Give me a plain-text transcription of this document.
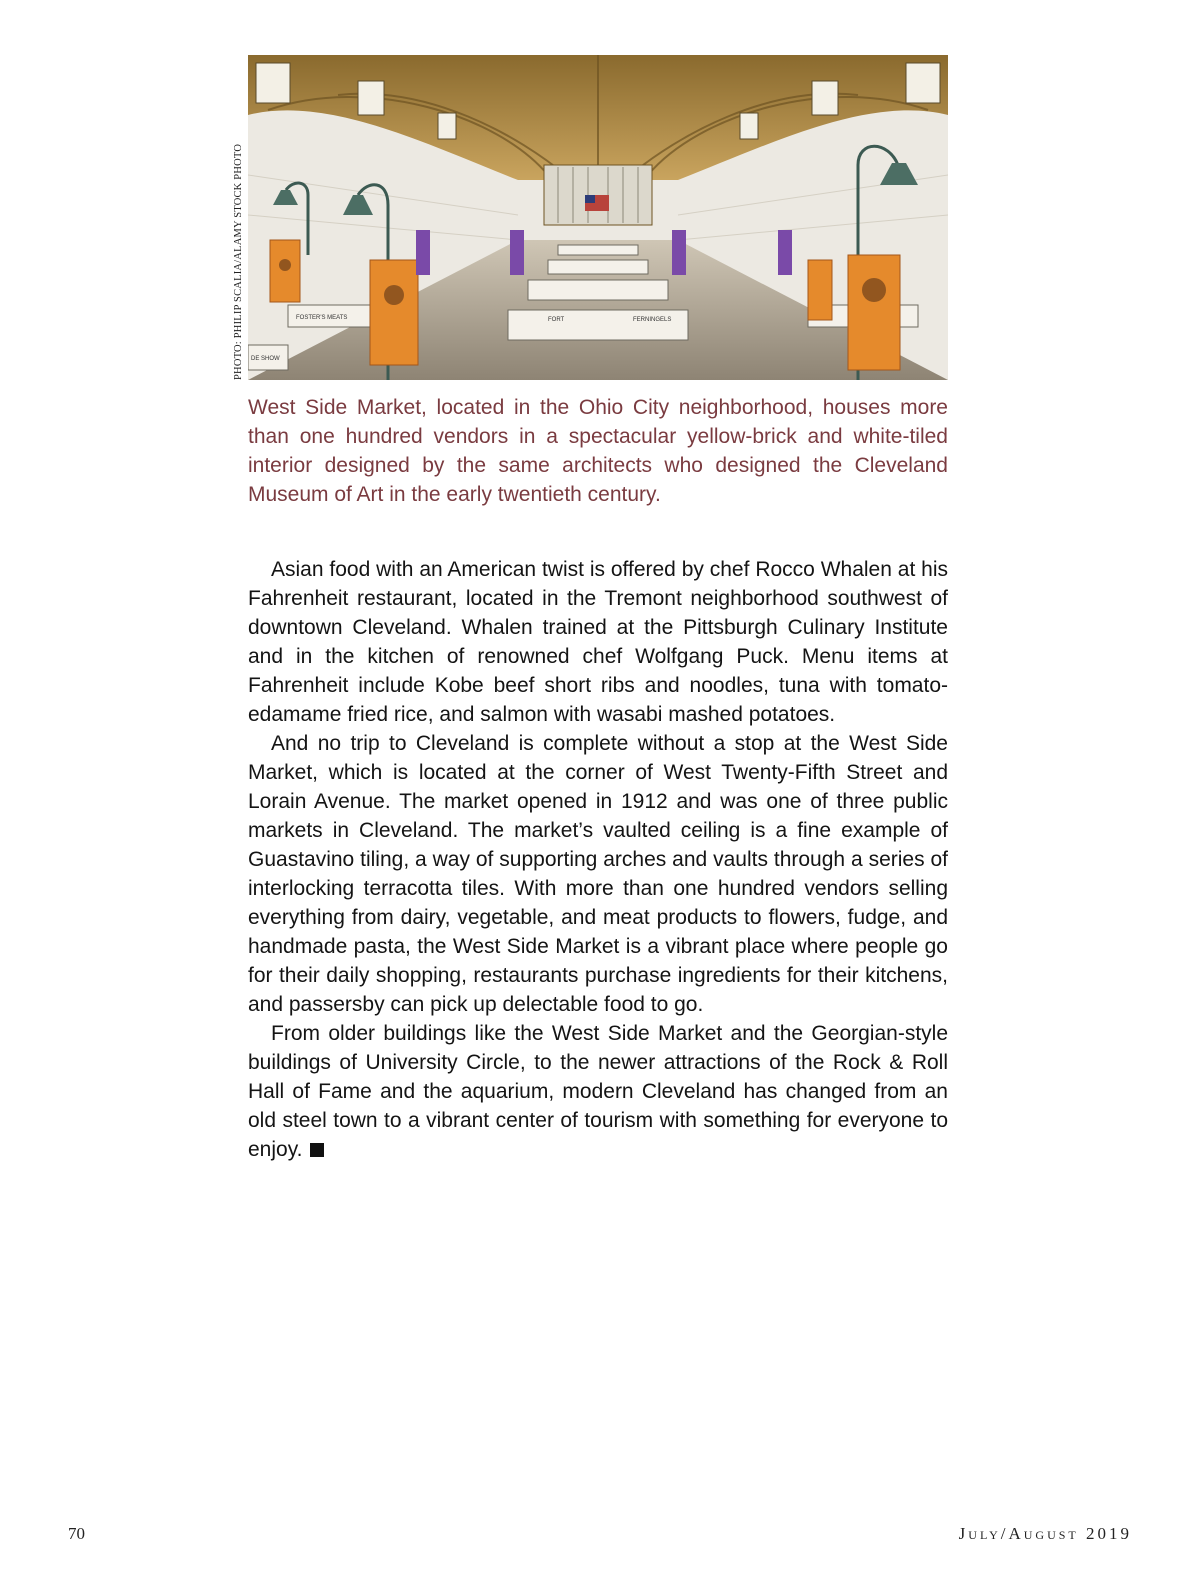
PHOTO: PHILIP SCALIA/ALAMY STOCK PHOTO	FOSTER'S MEATS	FORT	FERNINGELS
DE SHOW

West Side Market, located in the Ohio City neighborhood, houses more than one hundred vendors in a spectacular yellow-brick and white-tiled interior designed by the same architects who designed the Cleveland Museum of Art in the early twentieth century.

Asian food with an American twist is offered by chef Rocco Whalen at his Fahrenheit restaurant, located in the Tremont neighborhood southwest of downtown Cleveland. Whalen trained at the Pittsburgh Culinary Institute and in the kitchen of renowned chef Wolfgang Puck. Menu items at Fahrenheit include Kobe beef short ribs and noodles, tuna with tomato-edamame fried rice, and salmon with wasabi mashed potatoes.

And no trip to Cleveland is complete without a stop at the West Side Market, which is located at the corner of West Twenty-Fifth Street and Lorain Avenue. The market opened in 1912 and was one of three public markets in Cleveland. The market’s vaulted ceiling is a fine example of Guastavino tiling, a way of supporting arches and vaults through a series of interlocking terracotta tiles. With more than one hundred vendors selling everything from dairy, vegetable, and meat products to flowers, fudge, and handmade pasta, the West Side Market is a vibrant place where people go for their daily shopping, restaurants purchase ingredients for their kitchens, and passersby can pick up delectable food to go.

From older buildings like the West Side Market and the Georgian-style buildings of University Circle, to the newer attractions of the Rock & Roll Hall of Fame and the aquarium, modern Cleveland has changed from an old steel town to a vibrant center of tourism with something for everyone to enjoy.

70	July/August 2019
